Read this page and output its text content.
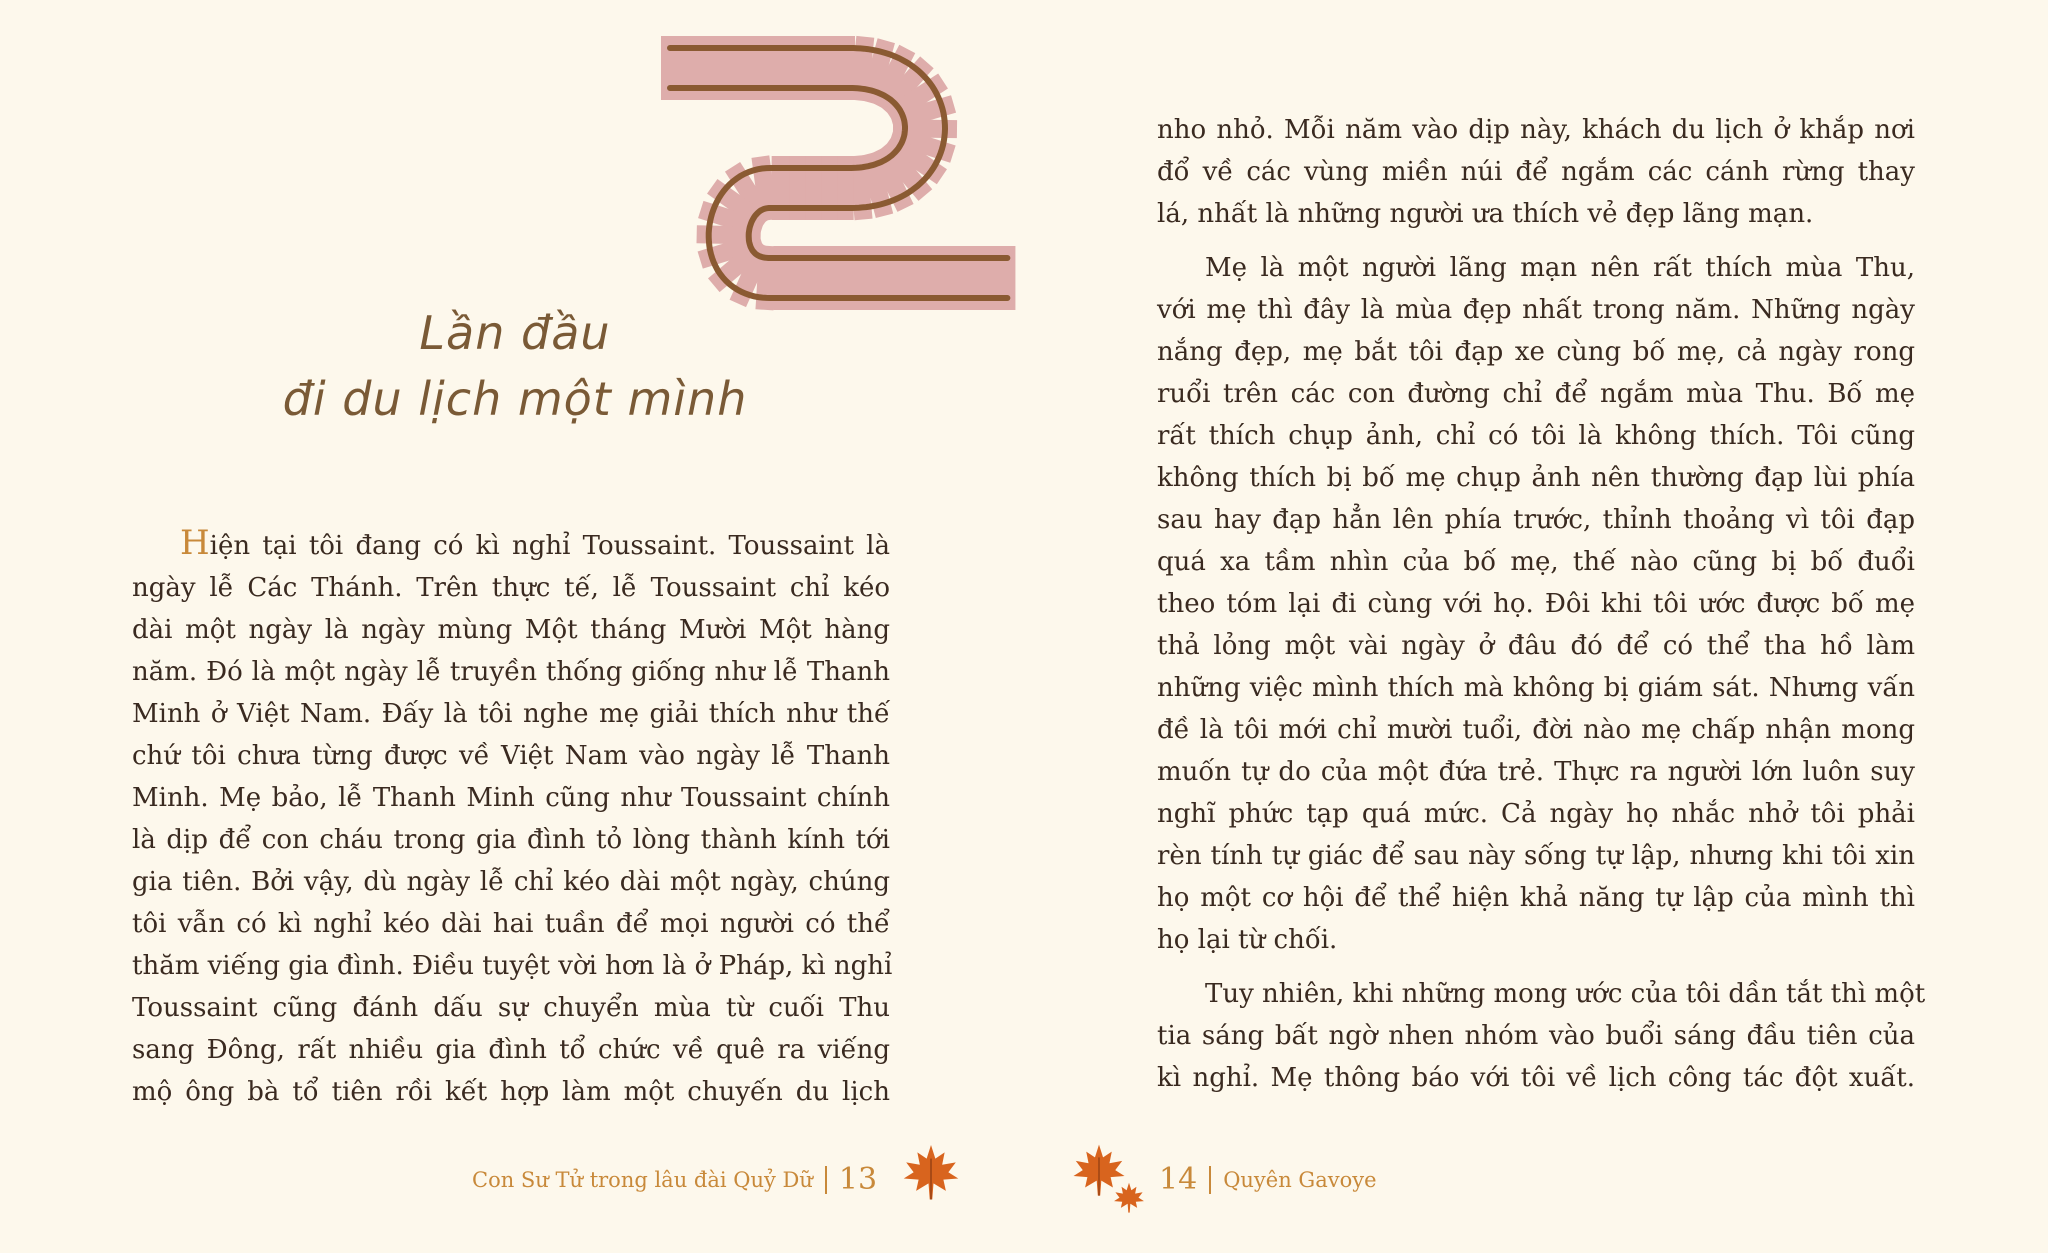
Lần đầu
đi du lịch một mình
Hiện tại tôi đang có kì nghỉ Toussaint. Toussaint là
ngày lễ Các Thánh. Trên thực tế, lễ Toussaint chỉ kéo
dài một ngày là ngày mùng Một tháng Mười Một hàng
năm. Đó là một ngày lễ truyền thống giống như lễ Thanh
Minh ở Việt Nam. Đấy là tôi nghe mẹ giải thích như thế
chứ tôi chưa từng được về Việt Nam vào ngày lễ Thanh
Minh. Mẹ bảo, lễ Thanh Minh cũng như Toussaint chính
là dịp để con cháu trong gia đình tỏ lòng thành kính tới
gia tiên. Bởi vậy, dù ngày lễ chỉ kéo dài một ngày, chúng
tôi vẫn có kì nghỉ kéo dài hai tuần để mọi người có thể
thăm viếng gia đình. Điều tuyệt vời hơn là ở Pháp, kì nghỉ
Toussaint cũng đánh dấu sự chuyển mùa từ cuối Thu
sang Đông, rất nhiều gia đình tổ chức về quê ra viếng
mộ ông bà tổ tiên rồi kết hợp làm một chuyến du lịch
Con Sư Tử trong lâu đài Quỷ Dữ 13
nho nhỏ. Mỗi năm vào dịp này, khách du lịch ở khắp nơi
đổ về các vùng miền núi để ngắm các cánh rừng thay
lá, nhất là những người ưa thích vẻ đẹp lãng mạn.
Mẹ là một người lãng mạn nên rất thích mùa Thu,
với mẹ thì đây là mùa đẹp nhất trong năm. Những ngày
nắng đẹp, mẹ bắt tôi đạp xe cùng bố mẹ, cả ngày rong
ruổi trên các con đường chỉ để ngắm mùa Thu. Bố mẹ
rất thích chụp ảnh, chỉ có tôi là không thích. Tôi cũng
không thích bị bố mẹ chụp ảnh nên thường đạp lùi phía
sau hay đạp hẳn lên phía trước, thỉnh thoảng vì tôi đạp
quá xa tầm nhìn của bố mẹ, thế nào cũng bị bố đuổi
theo tóm lại đi cùng với họ. Đôi khi tôi ước được bố mẹ
thả lỏng một vài ngày ở đâu đó để có thể tha hồ làm
những việc mình thích mà không bị giám sát. Nhưng vấn
đề là tôi mới chỉ mười tuổi, đời nào mẹ chấp nhận mong
muốn tự do của một đứa trẻ. Thực ra người lớn luôn suy
nghĩ phức tạp quá mức. Cả ngày họ nhắc nhở tôi phải
rèn tính tự giác để sau này sống tự lập, nhưng khi tôi xin
họ một cơ hội để thể hiện khả năng tự lập của mình thì
họ lại từ chối.
Tuy nhiên, khi những mong ước của tôi dần tắt thì một
tia sáng bất ngờ nhen nhóm vào buổi sáng đầu tiên của
kì nghỉ. Mẹ thông báo với tôi về lịch công tác đột xuất.
14 Quyên Gavoye
